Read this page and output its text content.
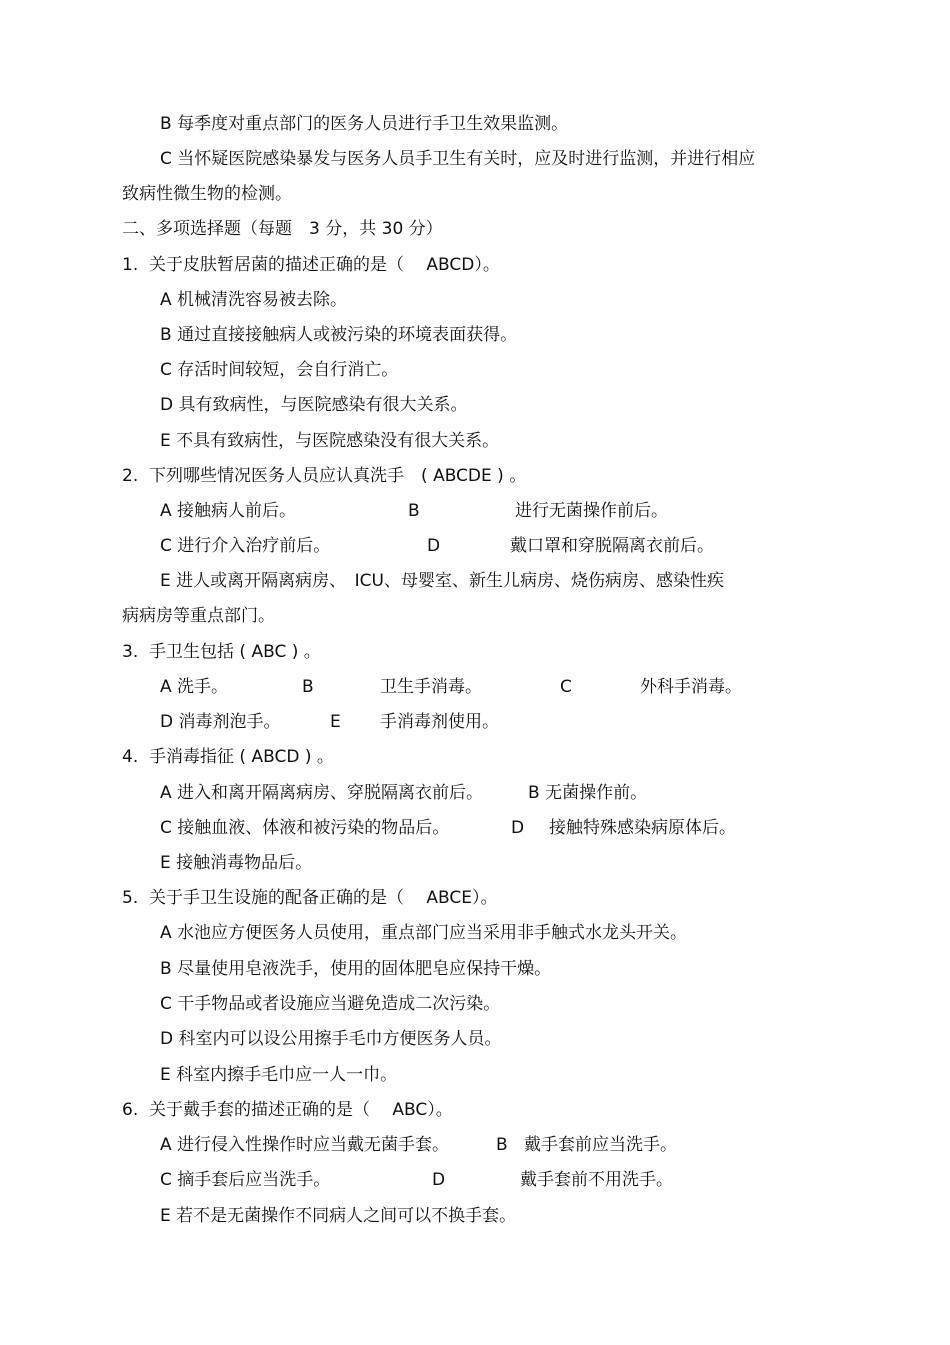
B 每季度对重点部门的医务人员进行手卫生效果监测。
C 当怀疑医院感染暴发与医务人员手卫生有关时，应及时进行监测，并进行相应
致病性微生物的检测。
二、多项选择题（每题　3 分，共 30 分）
1.  关于皮肤暂居菌的描述正确的是（　 ABCD）。
A 机械清洗容易被去除。
B 通过直接接触病人或被污染的环境表面获得。
C 存活时间较短，会自行消亡。
D 具有致病性，与医院感染有很大关系。
E 不具有致病性，与医院感染没有很大关系。
2.  下列哪些情况医务人员应认真洗手　( ABCDE ) 。
A 接触病人前后。	B	进行无菌操作前后。
C 进行介入治疗前后。	D	戴口罩和穿脱隔离衣前后。
E 进人或离开隔离病房、　ICU、母婴室、新生儿病房、烧伤病房、感染性疾
病病房等重点部门。
3.  手卫生包括 ( ABC ) 。
A 洗手。	B	卫生手消毒。	C	外科手消毒。
D 消毒剂泡手。	E 手消毒剂使用。
4.  手消毒指征 ( ABCD ) 。
A 进入和离开隔离病房、穿脱隔离衣前后。	B 无菌操作前。
C 接触血液、体液和被污染的物品后。	D 接触特殊感染病原体后。
E 接触消毒物品后。
5.  关于手卫生设施的配备正确的是（　 ABCE）。
A 水池应方便医务人员使用，重点部门应当采用非手触式水龙头开关。
B 尽量使用皂液洗手，使用的固体肥皂应保持干燥。
C 干手物品或者设施应当避免造成二次污染。
D 科室内可以设公用擦手毛巾方便医务人员。
E 科室内擦手毛巾应一人一巾。
6.  关于戴手套的描述正确的是（　 ABC）。
A 进行侵入性操作时应当戴无菌手套。	B 戴手套前应当洗手。
C 摘手套后应当洗手。	D	戴手套前不用洗手。
E 若不是无菌操作不同病人之间可以不换手套。
